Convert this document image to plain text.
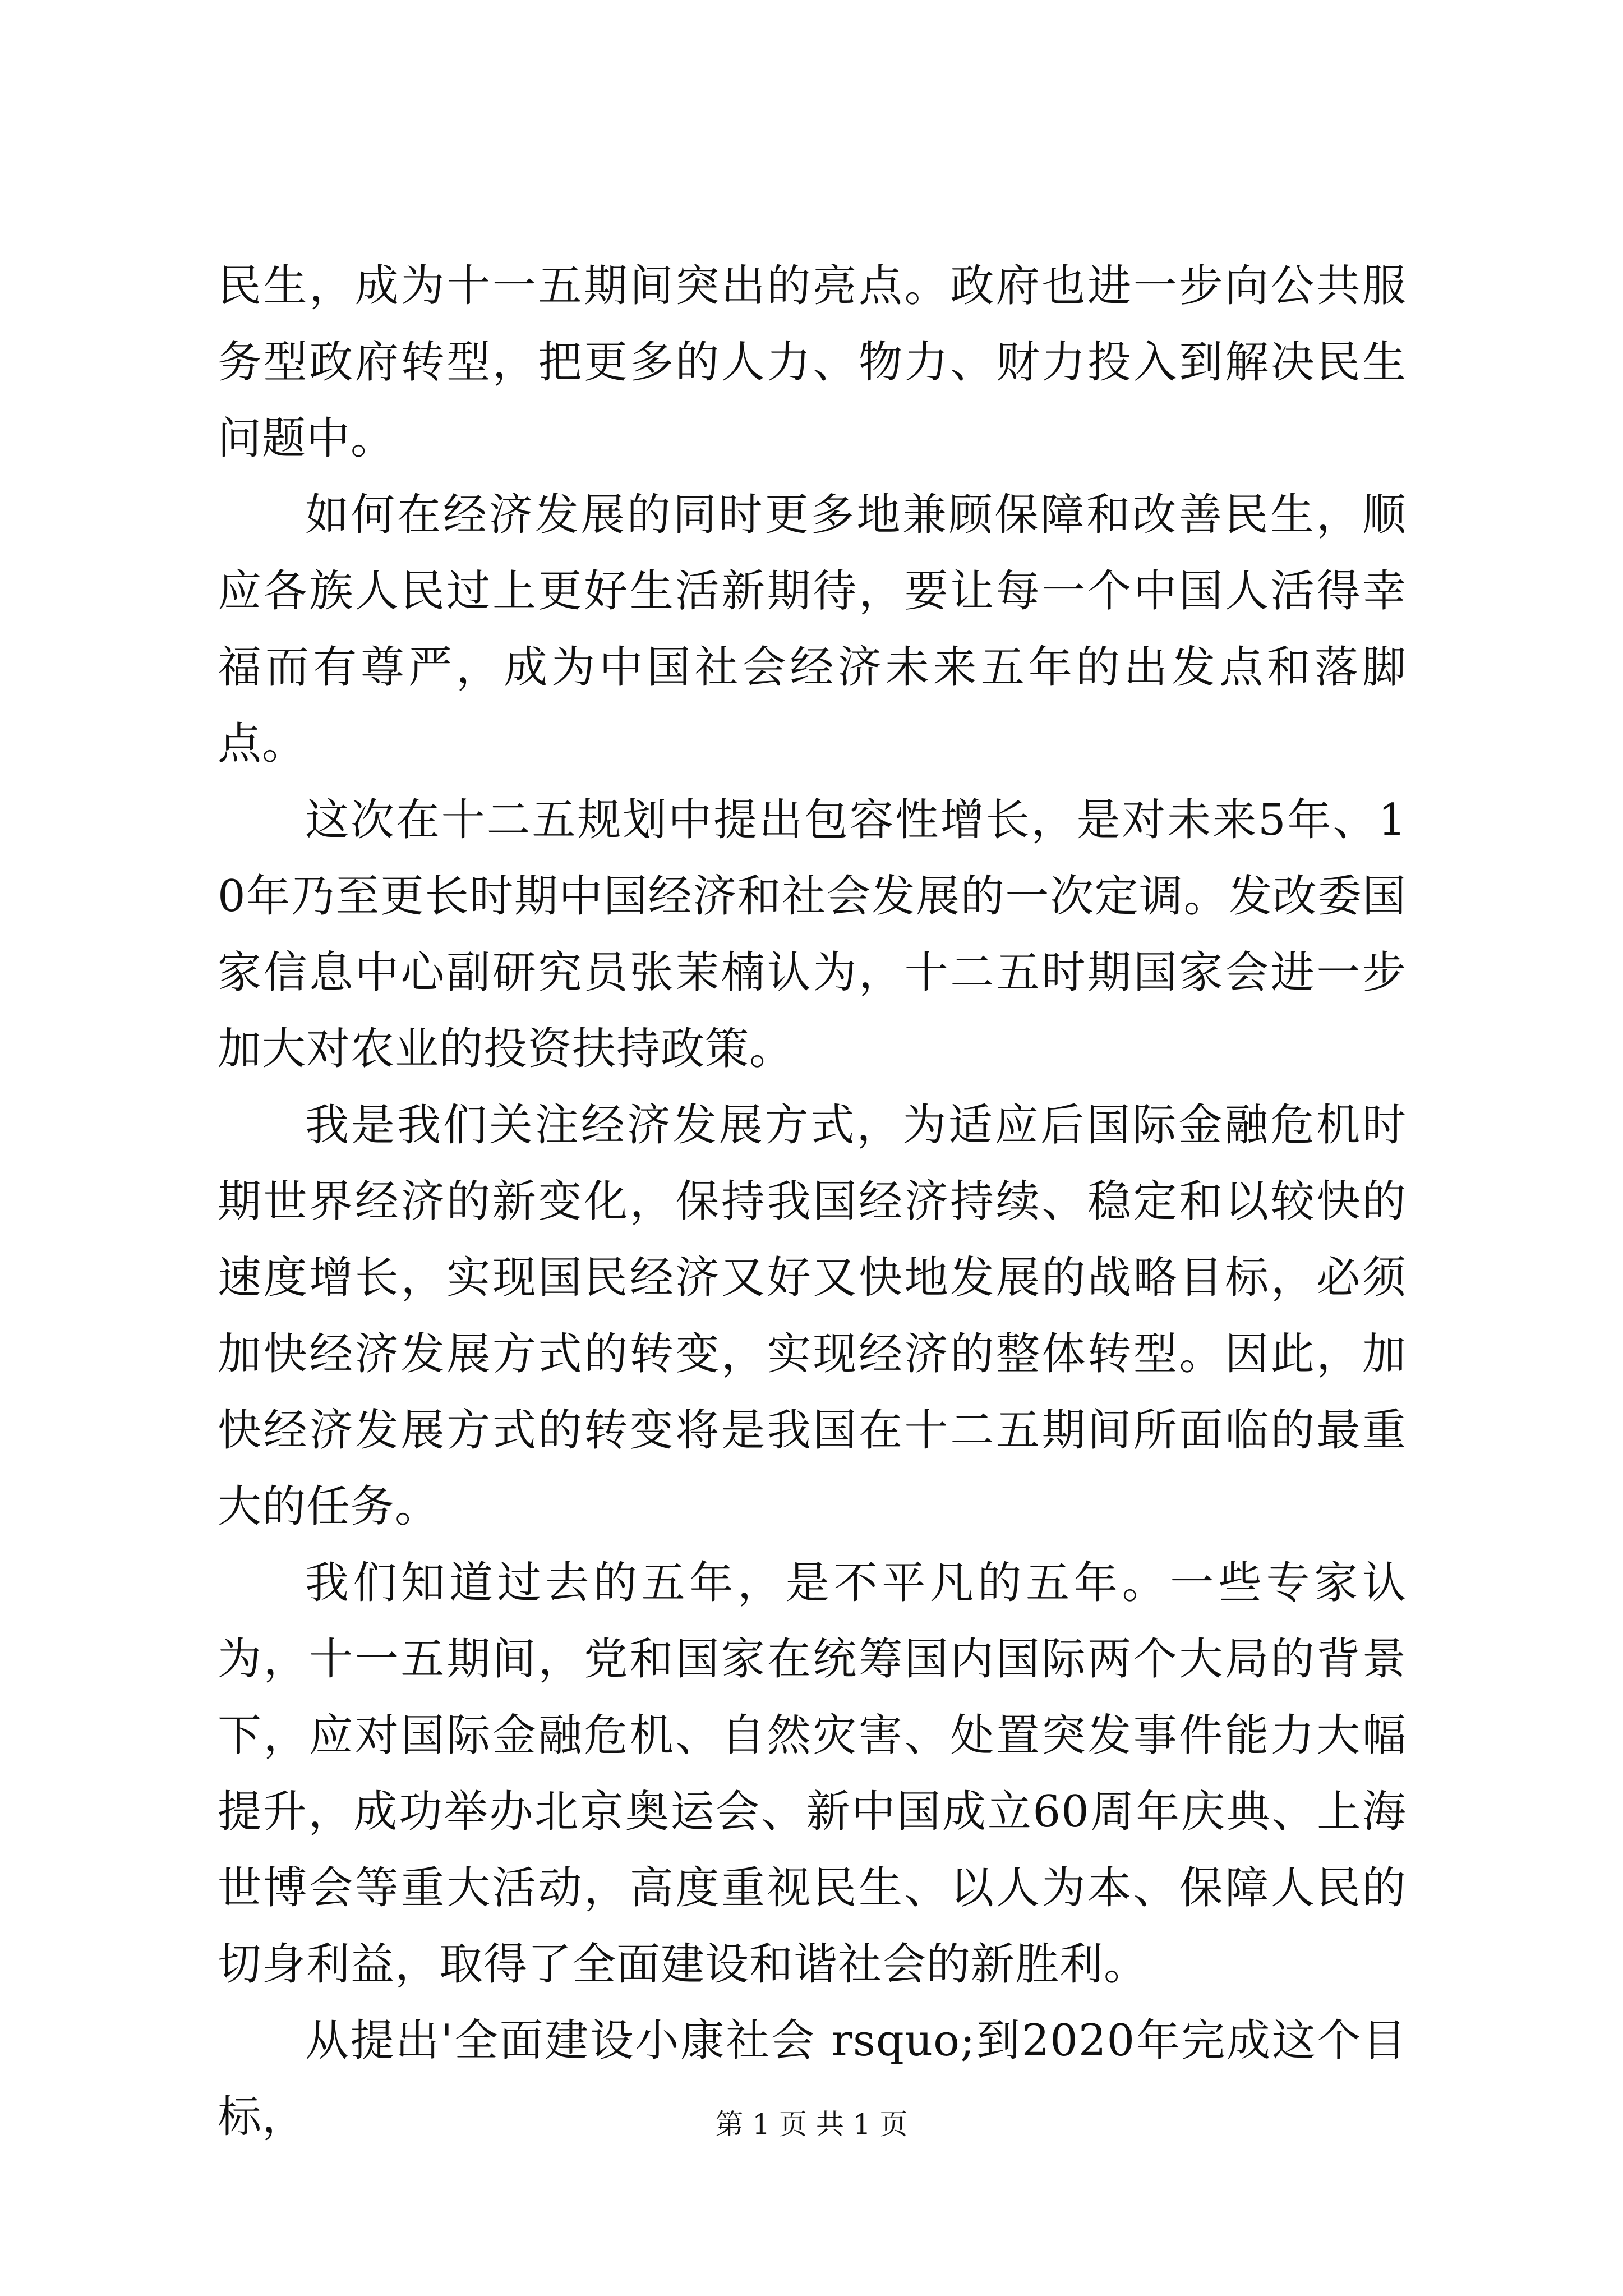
民生，成为十一五期间突出的亮点。政府也进一步向公共服务型政府转型，把更多的人力、物力、财力投入到解决民生问题中。

如何在经济发展的同时更多地兼顾保障和改善民生，顺应各族人民过上更好生活新期待，要让每一个中国人活得幸福而有尊严，成为中国社会经济未来五年的出发点和落脚点。

这次在十二五规划中提出包容性增长，是对未来5年、10年乃至更长时期中国经济和社会发展的一次定调。发改委国家信息中心副研究员张茉楠认为，十二五时期国家会进一步加大对农业的投资扶持政策。

我是我们关注经济发展方式，为适应后国际金融危机时期世界经济的新变化，保持我国经济持续、稳定和以较快的速度增长，实现国民经济又好又快地发展的战略目标，必须加快经济发展方式的转变，实现经济的整体转型。因此，加快经济发展方式的转变将是我国在十二五期间所面临的最重大的任务。

我们知道过去的五年，是不平凡的五年。一些专家认为，十一五期间，党和国家在统筹国内国际两个大局的背景下，应对国际金融危机、自然灾害、处置突发事件能力大幅提升，成功举办北京奥运会、新中国成立60周年庆典、上海世博会等重大活动，高度重视民生、以人为本、保障人民的切身利益，取得了全面建设和谐社会的新胜利。

从提出'全面建设小康社会 rsquo;到2020年完成这个目标，	第 1 页 共 1 页
